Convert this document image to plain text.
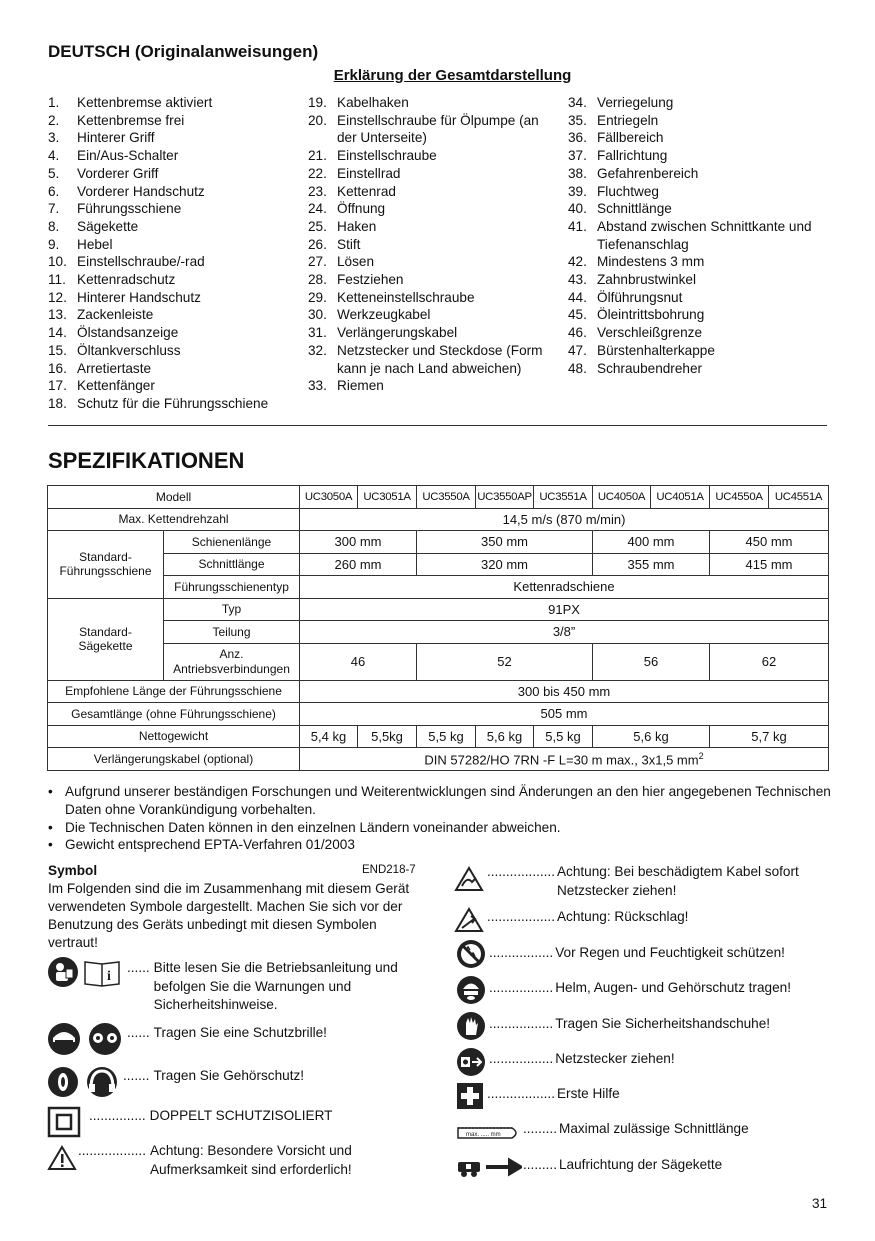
DEUTSCH (Originalanweisungen)
Erklärung der Gesamtdarstellung
1.	Kettenbremse aktiviert
2.	Kettenbremse frei
3.	Hinterer Griff
4.	Ein/Aus-Schalter
5.	Vorderer Griff
6.	Vorderer Handschutz
7.	Führungsschiene
8.	Sägekette
9.	Hebel
10. Einstellschraube/-rad
11. Kettenradschutz
12. Hinterer Handschutz
13. Zackenleiste
14. Ölstandsanzeige
15. Öltankverschluss
16. Arretiertaste
17. Kettenfänger
18. Schutz für die Führungsschiene
19. Kabelhaken
20. Einstellschraube für Ölpumpe (an der Unterseite)
21. Einstellschraube
22. Einstellrad
23. Kettenrad
24. Öffnung
25. Haken
26. Stift
27. Lösen
28. Festziehen
29. Ketteneinstellschraube
30. Werkzeugkabel
31. Verlängerungskabel
32. Netzstecker und Steckdose (Form kann je nach Land abweichen)
33. Riemen
34. Verriegelung
35. Entriegeln
36. Fällbereich
37. Fallrichtung
38. Gefahrenbereich
39. Fluchtweg
40. Schnittlänge
41. Abstand zwischen Schnittkante und Tiefenanschlag
42. Mindestens 3 mm
43. Zahnbrustwinkel
44. Ölführungsnut
45. Öleintrittsbohrung
46. Verschleißgrenze
47. Bürstenhalterkappe
48. Schraubendreher
SPEZIFIKATIONEN
Modell		UC3050A	UC3051A	UC3550A	UC3550AP	UC3551A	UC4050A	UC4051A	UC4550A	UC4551A
Max. Kettendrehzahl		14,5 m/s (870 m/min)								
Standard-
Führungsschiene	Schienenlänge	300 mm		350 mm			400 mm		450 mm	
	Schnittlänge	260 mm		320 mm			355 mm		415 mm	
	Führungsschienentyp	Kettenradschiene								
Standard-
Sägekette	Typ	91PX								
	Teilung	3/8”								
	Anz.
Antriebsverbindungen	46		52			56		62	
Empfohlene Länge der Führungsschiene		300 bis 450 mm								
Gesamtlänge (ohne Führungsschiene)		505 mm								
Nettogewicht		5,4 kg	5,5kg	5,5 kg	5,6 kg	5,5 kg	5,6 kg		5,7 kg	
Verlängerungskabel (optional)		DIN 57282/HO 7RN -F L=30 m max., 3x1,5 $mm^2$
• Aufgrund unserer beständigen Forschungen und Weiterentwicklungen sind Änderungen an den hier angegebenen Technischen Daten ohne Vorankündigung vorbehalten.
• Die Technischen Daten können in den einzelnen Ländern voneinander abweichen.
• Gewicht entsprechend EPTA-Verfahren 01/2003
Symbol	END218-7
Im Folgenden sind die im Zusammenhang mit diesem Gerät verwendeten Symbole dargestellt. Machen Sie sich vor der Benutzung des Geräts unbedingt mit diesen Symbolen vertraut!
i
...... Bitte lesen Sie die Betriebsanleitung und befolgen Sie die Warnungen und Sicherheitshinweise.
...... Tragen Sie eine Schutzbrille!
....... Tragen Sie Gehörschutz!
............... DOPPELT SCHUTZISOLIERT
.................. Achtung: Besondere Vorsicht und Aufmerksamkeit sind erforderlich!
max. ..... mm
.................. Achtung: Bei beschädigtem Kabel sofort Netzstecker ziehen!
.................. Achtung: Rückschlag!
................. Vor Regen und Feuchtigkeit schützen!
................. Helm, Augen- und Gehörschutz tragen!
................. Tragen Sie Sicherheitshandschuhe!
................. Netzstecker ziehen!
.................. Erste Hilfe
......... Maximal zulässige Schnittlänge
......... Laufrichtung der Sägekette
31
